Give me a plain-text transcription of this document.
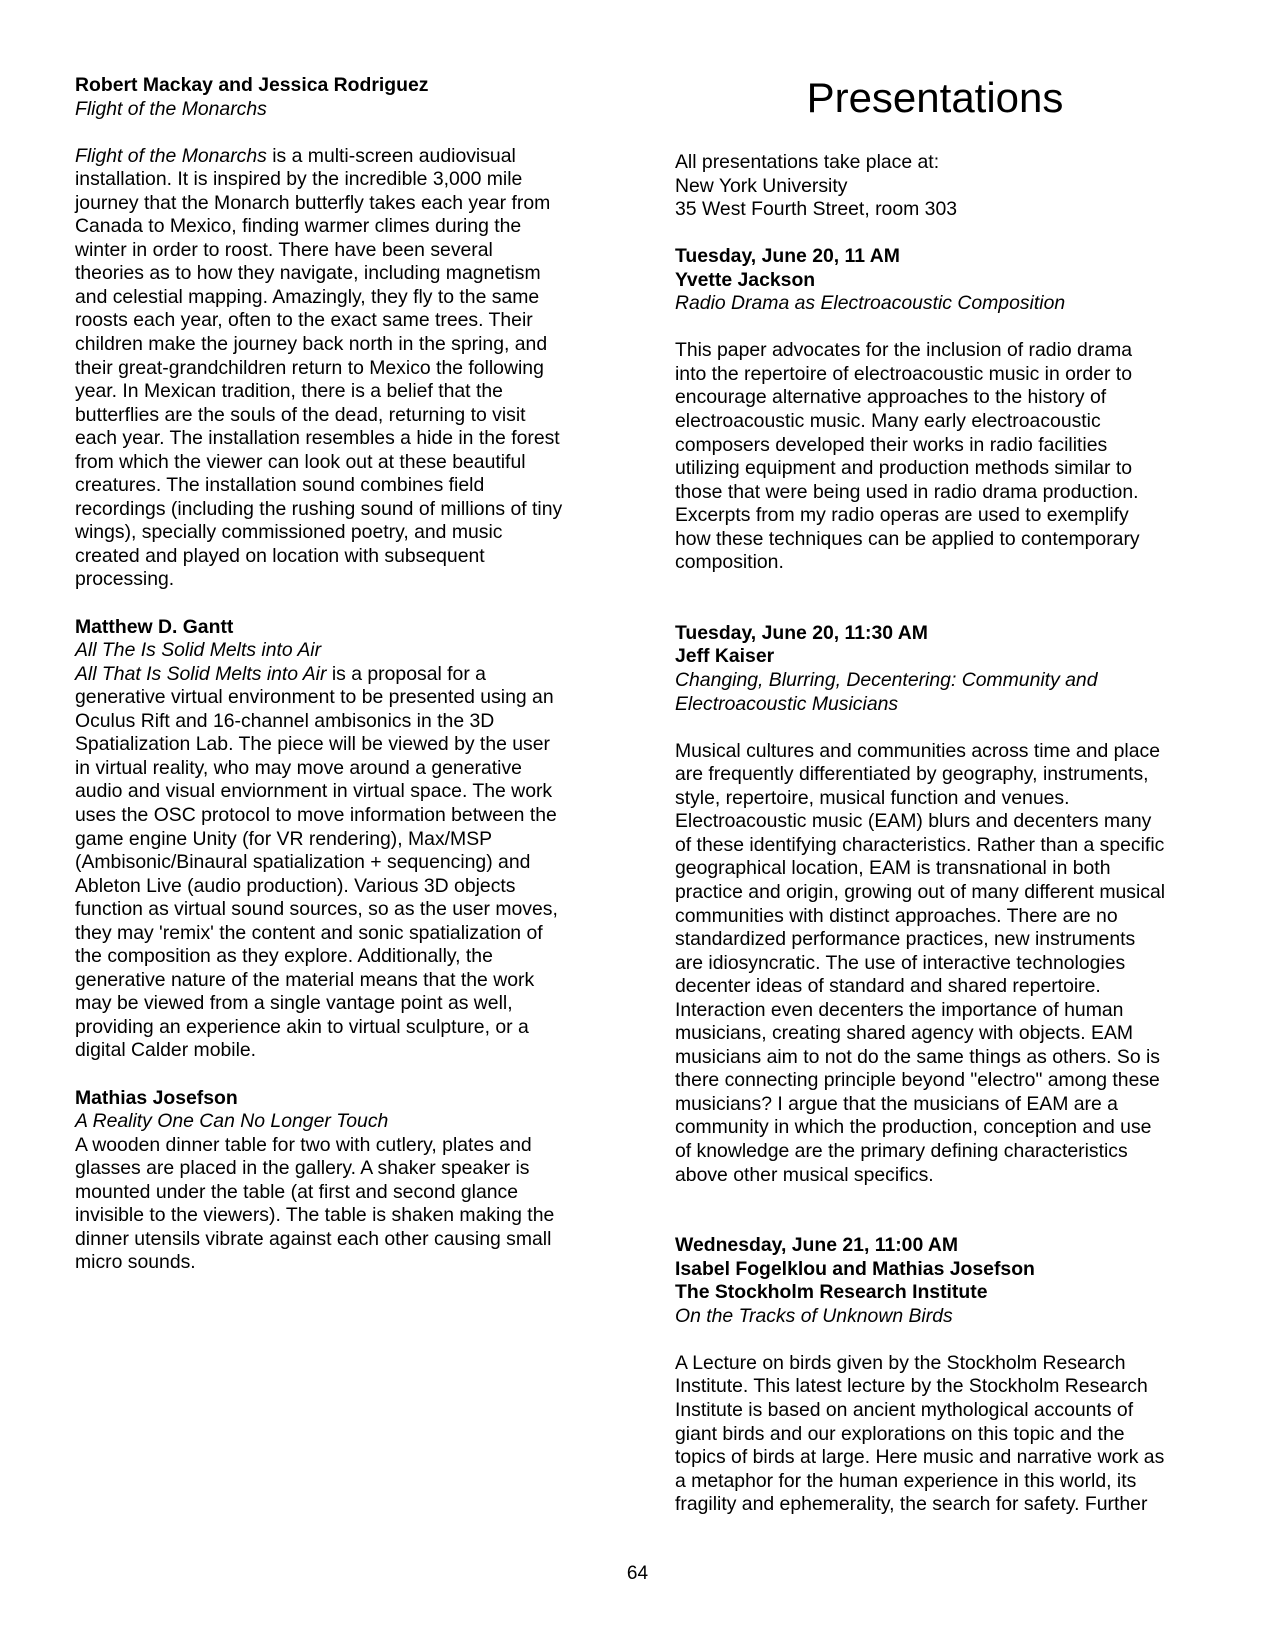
Presentations

Robert Mackay and Jessica Rodriguez

Flight of the Monarchs

Flight of the Monarchs is a multi-screen audiovisual

installation. It is inspired by the incredible 3,000 mile

journey that the Monarch butterfly takes each year from

Canada to Mexico, finding warmer climes during the

winter in order to roost. There have been several

theories as to how they navigate, including magnetism

and celestial mapping. Amazingly, they fly to the same

roosts each year, often to the exact same trees. Their

children make the journey back north in the spring, and

their great-grandchildren return to Mexico the following

year. In Mexican tradition, there is a belief that the

butterflies are the souls of the dead, returning to visit

each year. The installation resembles a hide in the forest

from which the viewer can look out at these beautiful

creatures. The installation sound combines field

recordings (including the rushing sound of millions of tiny

wings), specially commissioned poetry, and music

created and played on location with subsequent

processing.

Matthew D. Gantt

All The Is Solid Melts into Air

All That Is Solid Melts into Air is a proposal for a

generative virtual environment to be presented using an

Oculus Rift and 16-channel ambisonics in the 3D

Spatialization Lab. The piece will be viewed by the user

in virtual reality, who may move around a generative

audio and visual enviornment in virtual space. The work

uses the OSC protocol to move information between the

game engine Unity (for VR rendering), Max/MSP

(Ambisonic/Binaural spatialization + sequencing) and

Ableton Live (audio production). Various 3D objects

function as virtual sound sources, so as the user moves,

they may 'remix' the content and sonic spatialization of

the composition as they explore. Additionally, the

generative nature of the material means that the work

may be viewed from a single vantage point as well,

providing an experience akin to virtual sculpture, or a

digital Calder mobile.

Mathias Josefson

A Reality One Can No Longer Touch

A wooden dinner table for two with cutlery, plates and

glasses are placed in the gallery. A shaker speaker is

mounted under the table (at first and second glance

invisible to the viewers). The table is shaken making the

dinner utensils vibrate against each other causing small

micro sounds.

All presentations take place at:

New York University

35 West Fourth Street, room 303

Tuesday, June 20, 11 AM

Yvette Jackson

Radio Drama as Electroacoustic Composition

This paper advocates for the inclusion of radio drama

into the repertoire of electroacoustic music in order to

encourage alternative approaches to the history of

electroacoustic music. Many early electroacoustic

composers developed their works in radio facilities

utilizing equipment and production methods similar to

those that were being used in radio drama production.

Excerpts from my radio operas are used to exemplify

how these techniques can be applied to contemporary

composition.

Tuesday, June 20, 11:30 AM

Jeff Kaiser

Changing, Blurring, Decentering: Community and

Electroacoustic Musicians

Musical cultures and communities across time and place

are frequently differentiated by geography, instruments,

style, repertoire, musical function and venues.

Electroacoustic music (EAM) blurs and decenters many

of these identifying characteristics. Rather than a specific

geographical location, EAM is transnational in both

practice and origin, growing out of many different musical

communities with distinct approaches. There are no

standardized performance practices, new instruments

are idiosyncratic. The use of interactive technologies

decenter ideas of standard and shared repertoire.

Interaction even decenters the importance of human

musicians, creating shared agency with objects. EAM

musicians aim to not do the same things as others. So is

there connecting principle beyond "electro" among these

musicians? I argue that the musicians of EAM are a

community in which the production, conception and use

of knowledge are the primary defining characteristics

above other musical specifics.

Wednesday, June 21, 11:00 AM

Isabel Fogelklou and Mathias Josefson

The Stockholm Research Institute

On the Tracks of Unknown Birds

A Lecture on birds given by the Stockholm Research

Institute. This latest lecture by the Stockholm Research

Institute is based on ancient mythological accounts of

giant birds and our explorations on this topic and the

topics of birds at large. Here music and narrative work as

a metaphor for the human experience in this world, its

fragility and ephemerality, the search for safety. Further

64
